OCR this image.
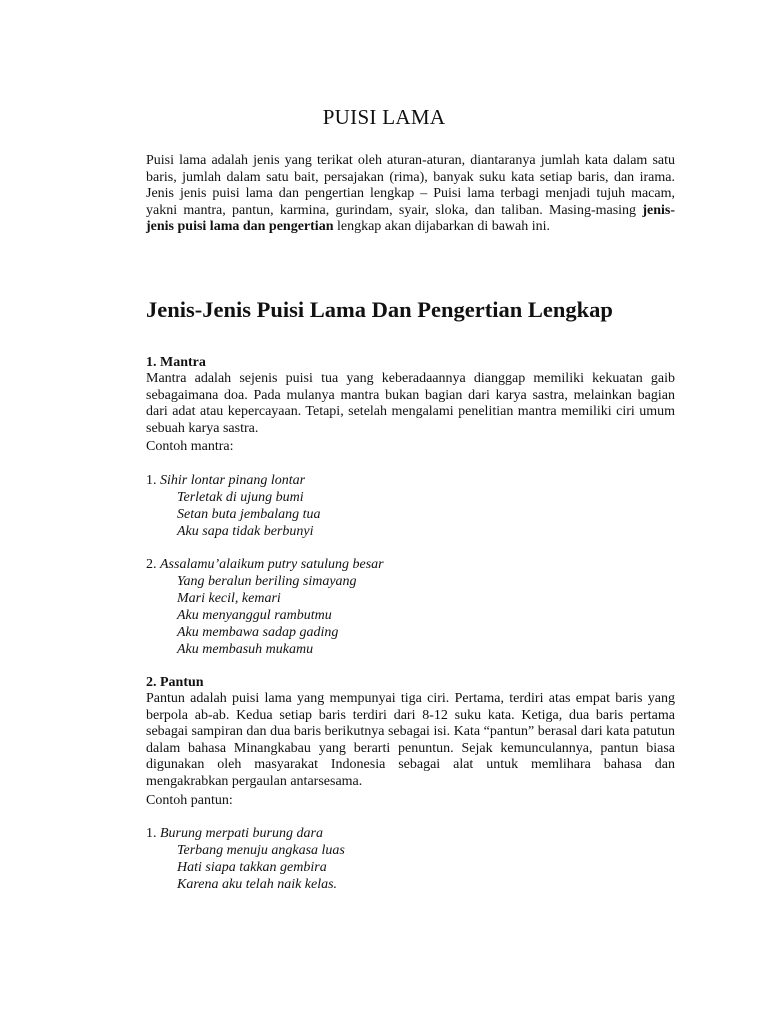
PUISI LAMA

Puisi lama adalah jenis yang terikat oleh aturan-aturan, diantaranya jumlah kata dalam satu baris, jumlah dalam satu bait, persajakan (rima), banyak suku kata setiap baris, dan irama. Jenis jenis puisi lama dan pengertian lengkap – Puisi lama terbagi menjadi tujuh macam, yakni mantra, pantun, karmina, gurindam, syair, sloka, dan taliban. Masing-masing jenis-jenis puisi lama dan pengertian lengkap akan dijabarkan di bawah ini.

Jenis-Jenis Puisi Lama Dan Pengertian Lengkap
1. Mantra

Mantra adalah sejenis puisi tua yang keberadaannya dianggap memiliki kekuatan gaib sebagaimana doa. Pada mulanya mantra bukan bagian dari karya sastra, melainkan bagian dari adat atau kepercayaan. Tetapi, setelah mengalami penelitian mantra memiliki ciri umum sebuah karya sastra.

Contoh mantra:

1. Sihir lontar pinang lontar

Terletak di ujung bumi

Setan buta jembalang tua

Aku sapa tidak berbunyi

2. Assalamu’alaikum putry satulung besar

Yang beralun beriling simayang

Mari kecil, kemari

Aku menyanggul rambutmu

Aku membawa sadap gading

Aku membasuh mukamu

2. Pantun

Pantun adalah puisi lama yang mempunyai tiga ciri. Pertama, terdiri atas empat baris yang berpola ab-ab. Kedua setiap baris terdiri dari 8-12 suku kata. Ketiga, dua baris pertama sebagai sampiran dan dua baris berikutnya sebagai isi. Kata “pantun” berasal dari kata patutun dalam bahasa Minangkabau yang berarti penuntun. Sejak kemunculannya, pantun biasa digunakan oleh masyarakat Indonesia sebagai alat untuk memlihara bahasa dan mengakrabkan pergaulan antarsesama.

Contoh pantun:

1. Burung merpati burung dara

Terbang menuju angkasa luas

Hati siapa takkan gembira

Karena aku telah naik kelas.
